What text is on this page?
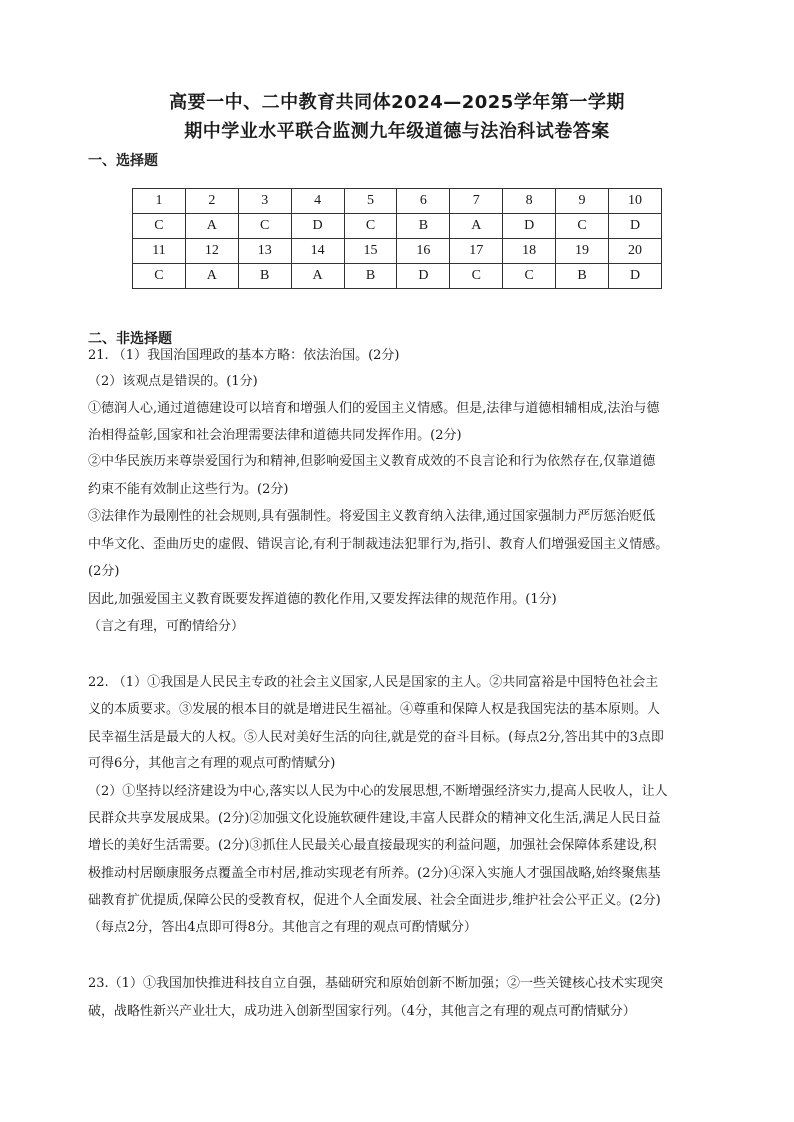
高要一中、二中教育共同体2024—2025学年第一学期
期中学业水平联合监测九年级道德与法治科试卷答案
一、选择题
1	2	3	4	5	6	7	8	9	10
C	A	C	D	C	B	A	D	C	D
11	12	13	14	15	16	17	18	19	20
C	A	B	A	B	D	C	C	B	D
二、非选择题
21. （1）我国治国理政的基本方略：依法治国。(2分)
（2）该观点是错误的。(1分)
①德润人心,通过道德建设可以培育和增强人们的爱国主义情感。但是,法律与道德相辅相成,法治与德
治相得益彰,国家和社会治理需要法律和道德共同发挥作用。(2分)
②中华民族历来尊崇爱国行为和精神,但影响爱国主义教育成效的不良言论和行为依然存在,仅靠道德
约束不能有效制止这些行为。(2分)
③法律作为最刚性的社会规则,具有强制性。将爱国主义教育纳入法律,通过国家强制力严厉惩治贬低
中华文化、歪曲历史的虚假、错误言论,有利于制裁违法犯罪行为,指引、教育人们增强爱国主义情感。
(2分)
因此,加强爱国主义教育既要发挥道德的教化作用,又要发挥法律的规范作用。(1分)
（言之有理，可酌情给分）
22. （1）①我国是人民民主专政的社会主义国家,人民是国家的主人。②共同富裕是中国特色社会主
义的本质要求。③发展的根本目的就是增进民生福祉。④尊重和保障人权是我国宪法的基本原则。人
民幸福生活是最大的人权。⑤人民对美好生活的向往,就是党的奋斗目标。(每点2分,答出其中的3点即
可得6分，其他言之有理的观点可酌情赋分)
（2）①坚持以经济建设为中心,落实以人民为中心的发展思想,不断增强经济实力,提高人民收人，让人
民群众共享发展成果。(2分)②加强文化设施软硬件建设,丰富人民群众的精神文化生活,满足人民日益
增长的美好生活需要。(2分)③抓住人民最关心最直接最现实的利益问题，加强社会保障体系建设,积
极推动村居颐康服务点覆盖全市村居,推动实现老有所养。(2分)④深入实施人才强国战略,始终聚焦基
础教育扩优提质,保障公民的受教育权，促进个人全面发展、社会全面进步,维护社会公平正义。(2分)
（每点2分，答出4点即可得8分。其他言之有理的观点可酌情赋分）
23.（1）①我国加快推进科技自立自强，基础研究和原始创新不断加强；②一些关键核心技术实现突
破，战略性新兴产业壮大，成功进入创新型国家行列。（4分，其他言之有理的观点可酌情赋分）
